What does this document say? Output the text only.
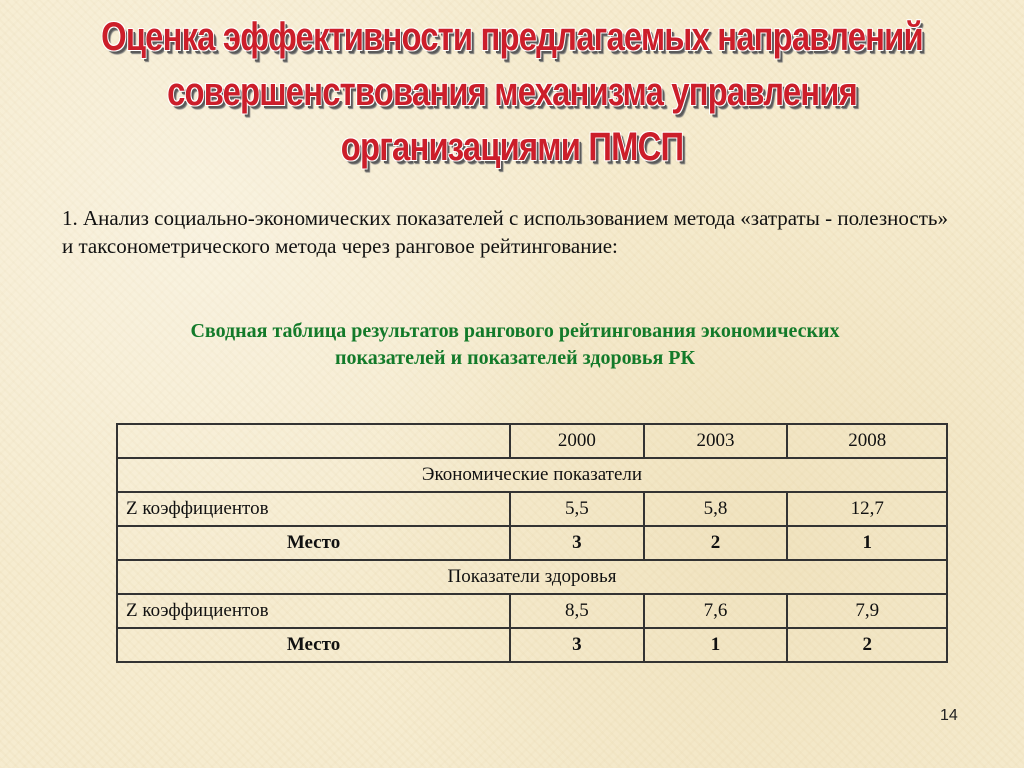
Оценка эффективности предлагаемых направлений
совершенствования механизма управления
организациями ПМСП

1. Анализ социально-экономических показателей с использованием метода «затраты - полезность» и таксонометрического метода через ранговое рейтингование:

Сводная таблица результатов рангового рейтингования экономических
показателей и показателей здоровья РК
	2000	2003	2008
Экономические показатели			
Z коэффициентов	5,5	5,8	12,7
Место	3	2	1
Показатели здоровья			
Z коэффициентов	8,5	7,6	7,9
Место	3	1	2
14
